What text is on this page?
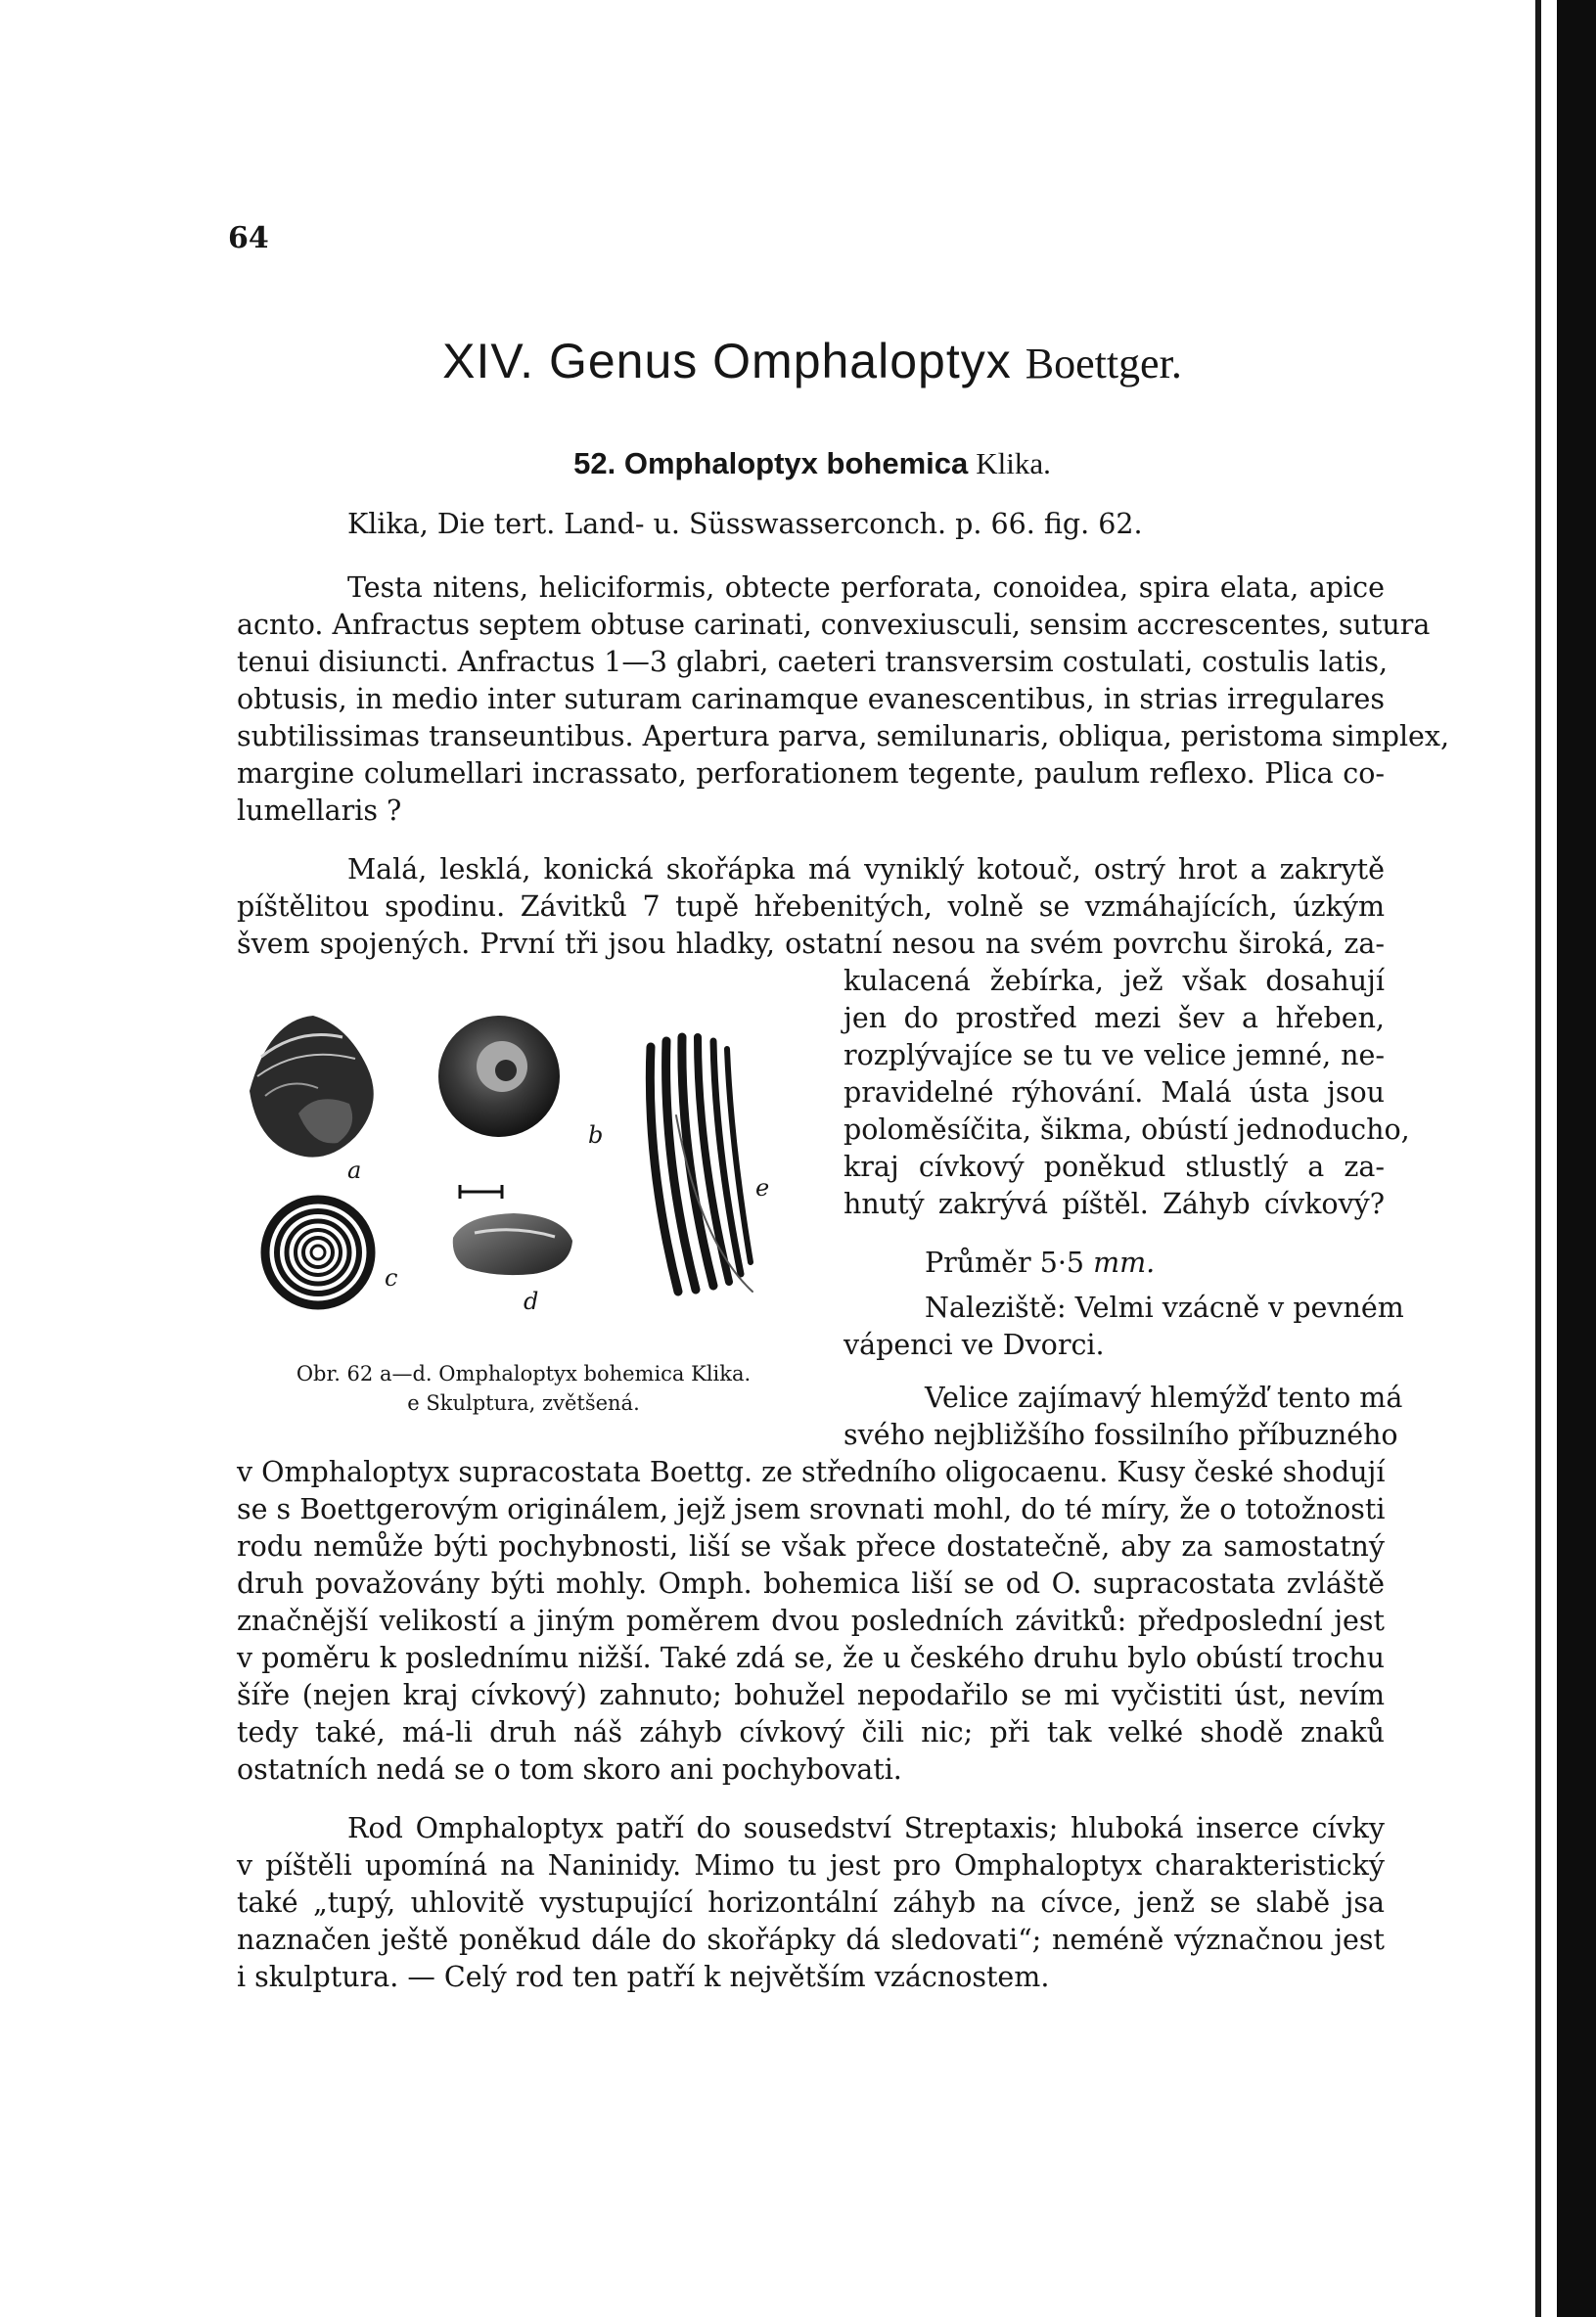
64
XIV. Genus Omphaloptyx Boettger.
52. Omphaloptyx bohemica Klika.
Klika, Die tert. Land- u. Süsswasserconch. p. 66. fig. 62.
Testa nitens, heliciformis, obtecte perforata, conoidea, spira elata, apice
acnto. Anfractus septem obtuse carinati, convexiusculi, sensim accrescentes, sutura
tenui disiuncti. Anfractus 1—3 glabri, caeteri transversim costulati, costulis latis,
obtusis, in medio inter suturam carinamque evanescentibus, in strias irregulares
subtilissimas transeuntibus. Apertura parva, semilunaris, obliqua, peristoma simplex,
margine columellari incrassato, perforationem tegente, paulum reflexo. Plica co-
lumellaris ?
Malá, lesklá, konická skořápka má vyniklý kotouč, ostrý hrot a zakrytě
píštělitou spodinu. Závitků 7 tupě hřebenitých, volně se vzmáhajících, úzkým
švem spojených. První tři jsou hladky, ostatní nesou na svém povrchu široká, za-
kulacená žebírka, jež však dosahují
jen do prostřed mezi šev a hřeben,
rozplývajíce se tu ve velice jemné, ne-
pravidelné rýhování. Malá ústa jsou
poloměsíčita, šikma, obústí jednoducho,
kraj cívkový poněkud stlustlý a za-
hnutý zakrývá píštěl. Záhyb cívkový?
Průměr 5·5 mm.
Naleziště: Velmi vzácně v pevném
vápenci ve Dvorci.
Velice zajímavý hlemýžď tento má
svého nejbližšího fossilního příbuzného
v Omphaloptyx supracostata Boettg. ze středního oligocaenu. Kusy české shodují
se s Boettgerovým originálem, jejž jsem srovnati mohl, do té míry, že o totožnosti
rodu nemůže býti pochybnosti, liší se však přece dostatečně, aby za samostatný
druh považovány býti mohly. Omph. bohemica liší se od O. supracostata zvláště
značnější velikostí a jiným poměrem dvou posledních závitků: předposlední jest
v poměru k poslednímu nižší. Také zdá se, že u českého druhu bylo obústí trochu
šíře (nejen kraj cívkový) zahnuto; bohužel nepodařilo se mi vyčistiti úst, nevím
tedy také, má-li druh náš záhyb cívkový čili nic; při tak velké shodě znaků
ostatních nedá se o tom skoro ani pochybovati.
Rod Omphaloptyx patří do sousedství Streptaxis; hluboká inserce cívky
v píštěli upomíná na Naninidy. Mimo tu jest pro Omphaloptyx charakteristický
také „tupý, uhlovitě vystupující horizontální záhyb na cívce, jenž se slabě jsa
naznačen ještě poněkud dále do skořápky dá sledovati“; neméně význačnou jest
i skulptura. — Celý rod ten patří k největším vzácnostem.
a
b
c
d
e
Obr. 62 a—d. Omphaloptyx bohemica Klika.
e Skulptura, zvětšená.
